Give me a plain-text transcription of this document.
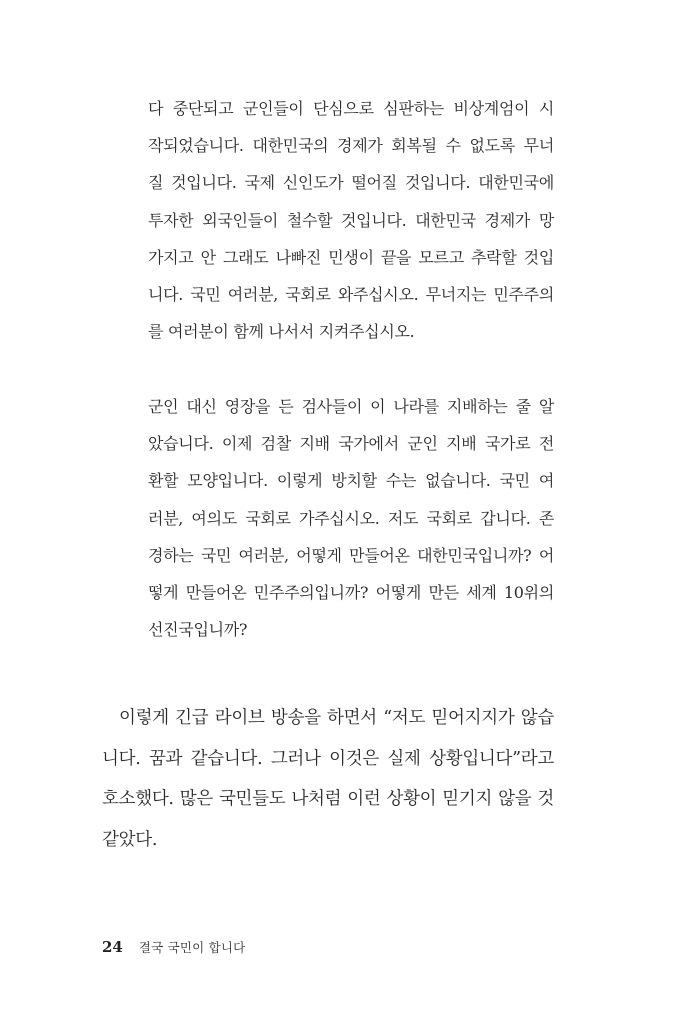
다 중단되고 군인들이 단심으로 심판하는 비상계엄이 시
작되었습니다. 대한민국의 경제가 회복될 수 없도록 무너
질 것입니다. 국제 신인도가 떨어질 것입니다. 대한민국에
투자한 외국인들이 철수할 것입니다. 대한민국 경제가 망
가지고 안 그래도 나빠진 민생이 끝을 모르고 추락할 것입
니다. 국민 여러분, 국회로 와주십시오. 무너지는 민주주의
를 여러분이 함께 나서서 지켜주십시오.
군인 대신 영장을 든 검사들이 이 나라를 지배하는 줄 알
았습니다. 이제 검찰 지배 국가에서 군인 지배 국가로 전
환할 모양입니다. 이렇게 방치할 수는 없습니다. 국민 여
러분, 여의도 국회로 가주십시오. 저도 국회로 갑니다. 존
경하는 국민 여러분, 어떻게 만들어온 대한민국입니까? 어
떻게 만들어온 민주주의입니까? 어떻게 만든 세계 10위의
선진국입니까?
이렇게 긴급 라이브 방송을 하면서 “저도 믿어지지가 않습
니다. 꿈과 같습니다. 그러나 이것은 실제 상황입니다”라고
호소했다. 많은 국민들도 나처럼 이런 상황이 믿기지 않을 것
같았다.
24 결국 국민이 합니다
